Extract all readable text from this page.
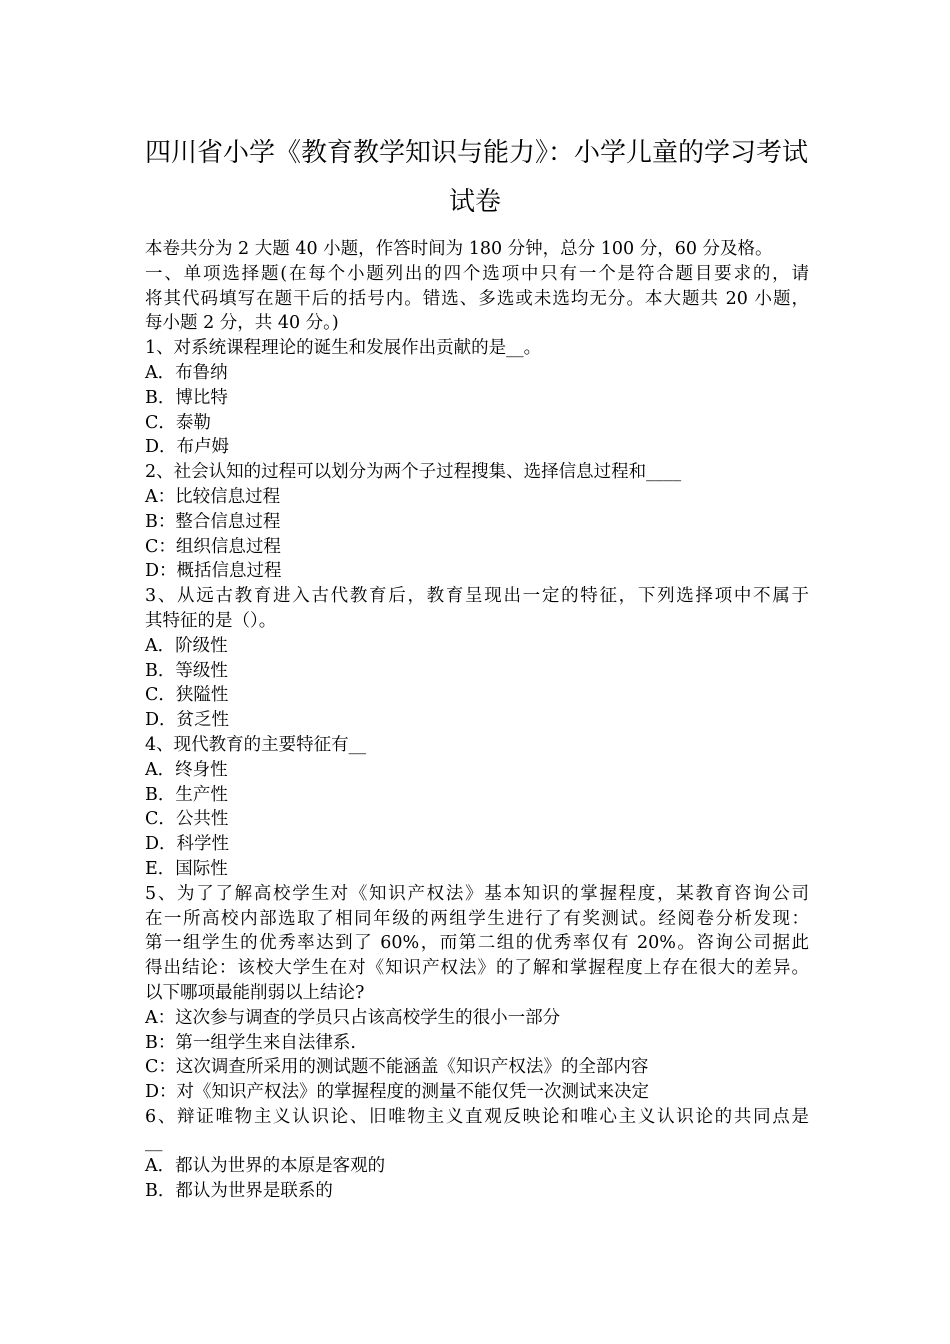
四川省小学《教育教学知识与能力》：小学儿童的学习考试
试卷
本卷共分为 2 大题 40 小题，作答时间为 180 分钟，总分 100 分，60 分及格。
一、单项选择题(在每个小题列出的四个选项中只有一个是符合题目要求的，请
将其代码填写在题干后的括号内。错选、多选或未选均无分。本大题共 20 小题，
每小题 2 分，共 40 分。)
1、对系统课程理论的诞生和发展作出贡献的是__。
A．布鲁纳
B．博比特
C．泰勒
D．布卢姆
2、社会认知的过程可以划分为两个子过程搜集、选择信息过程和____
A：比较信息过程
B：整合信息过程
C：组织信息过程
D：概括信息过程
3、从远古教育进入古代教育后，教育呈现出一定的特征，下列选择项中不属于
其特征的是（）。
A．阶级性
B．等级性
C．狭隘性
D．贫乏性
4、现代教育的主要特征有__
A．终身性
B．生产性
C．公共性
D．科学性
E．国际性
5、为了了解高校学生对《知识产权法》基本知识的掌握程度，某教育咨询公司
在一所高校内部选取了相同年级的两组学生进行了有奖测试。经阅卷分析发现：
第一组学生的优秀率达到了 60%，而第二组的优秀率仅有 20%。咨询公司据此
得出结论：该校大学生在对《知识产权法》的了解和掌握程度上存在很大的差异。
以下哪项最能削弱以上结论?
A：这次参与调查的学员只占该高校学生的很小一部分
B：第一组学生来自法律系.
C：这次调查所采用的测试题不能涵盖《知识产权法》的全部内容
D：对《知识产权法》的掌握程度的测量不能仅凭一次测试来决定
6、辩证唯物主义认识论、旧唯物主义直观反映论和唯心主义认识论的共同点是
__
A．都认为世界的本原是客观的
B．都认为世界是联系的
